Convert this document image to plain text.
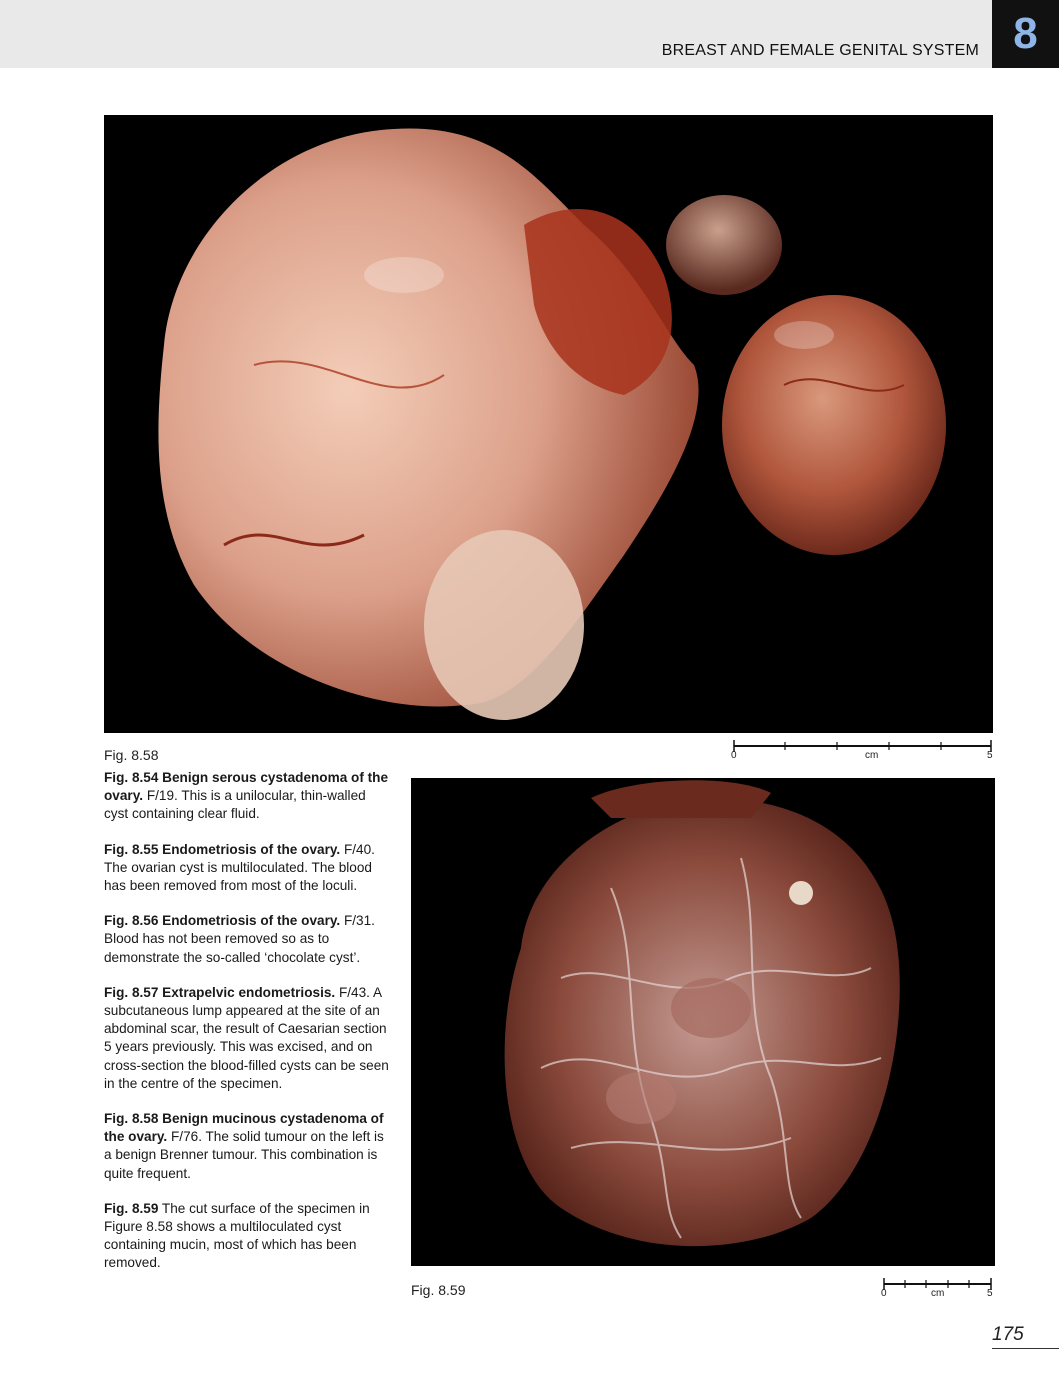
BREAST AND FEMALE GENITAL SYSTEM 8
Fig. 8.58	0	cm	5

Fig. 8.54 Benign serous cystadenoma of the ovary. F/19. This is a unilocular, thin-walled cyst containing clear fluid.

Fig. 8.55 Endometriosis of the ovary. F/40. The ovarian cyst is multiloculated. The blood has been removed from most of the loculi.

Fig. 8.56 Endometriosis of the ovary. F/31. Blood has not been removed so as to demonstrate the so-called ‘chocolate cyst’.

Fig. 8.57 Extrapelvic endometriosis. F/43. A subcutaneous lump appeared at the site of an abdominal scar, the result of Caesarian section 5 years previously. This was excised, and on cross-section the blood-filled cysts can be seen in the centre of the specimen.

Fig. 8.58 Benign mucinous cystadenoma of the ovary. F/76. The solid tumour on the left is a benign Brenner tumour. This combination is quite frequent.

Fig. 8.59 The cut surface of the specimen in Figure 8.58 shows a multiloculated cyst containing mucin, most of which has been removed.

Fig. 8.59	0	cm	5
175
